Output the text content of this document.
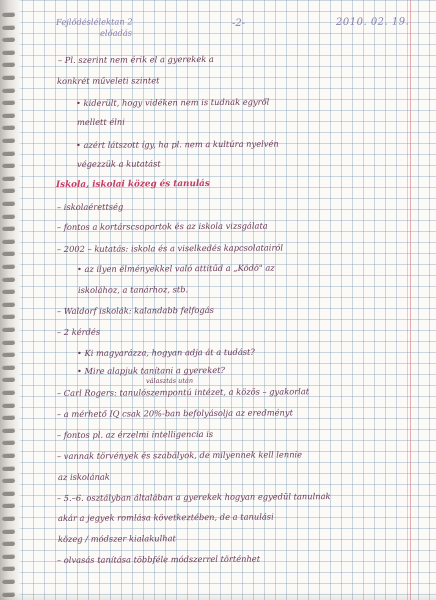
Fejlődéslélektan 2
előadás
-2-	2010. 02. 19.
– Pl. szerint nem érik el a gyerekek a
konkrét műveleti szintet
• kiderült, hogy vidéken nem is tudnak egyről
mellett élni
• azért látszott így, ha pl. nem a kultúra nyelvén
végezzük a kutatást
Iskola, iskolai közeg és tanulás
– iskolaérettség
– fontos a kortárscsoportok és az iskola vizsgálata
– 2002 – kutatás: iskola és a viselkedés kapcsolatairól
• az ilyen élményekkel való attitűd a „Ködö" az
iskolához, a tanárhoz, stb.
– Waldorf iskolák: kalandabb felfogás
– 2 kérdés
• Ki magyarázza, hogyan adja át a tudást?
• Mire alapjuk tanítani a gyereket?
választás után
– Carl Rogers: tanulószempontú intézet, a közös – gyakorlat
– a mérhető IQ csak 20%-ban befolyásolja az eredményt
– fontos pl. az érzelmi intelligencia is
– vannak törvények és szabályok, de milyennek kell lennie
az iskolának
– 5.–6. osztályban általában a gyerekek hogyan egyedül tanulnak
akár a jegyek romlása következtében, de a tanulási
közeg / módszer kialakulhat
– olvasás tanítása többféle módszerrel történhet
